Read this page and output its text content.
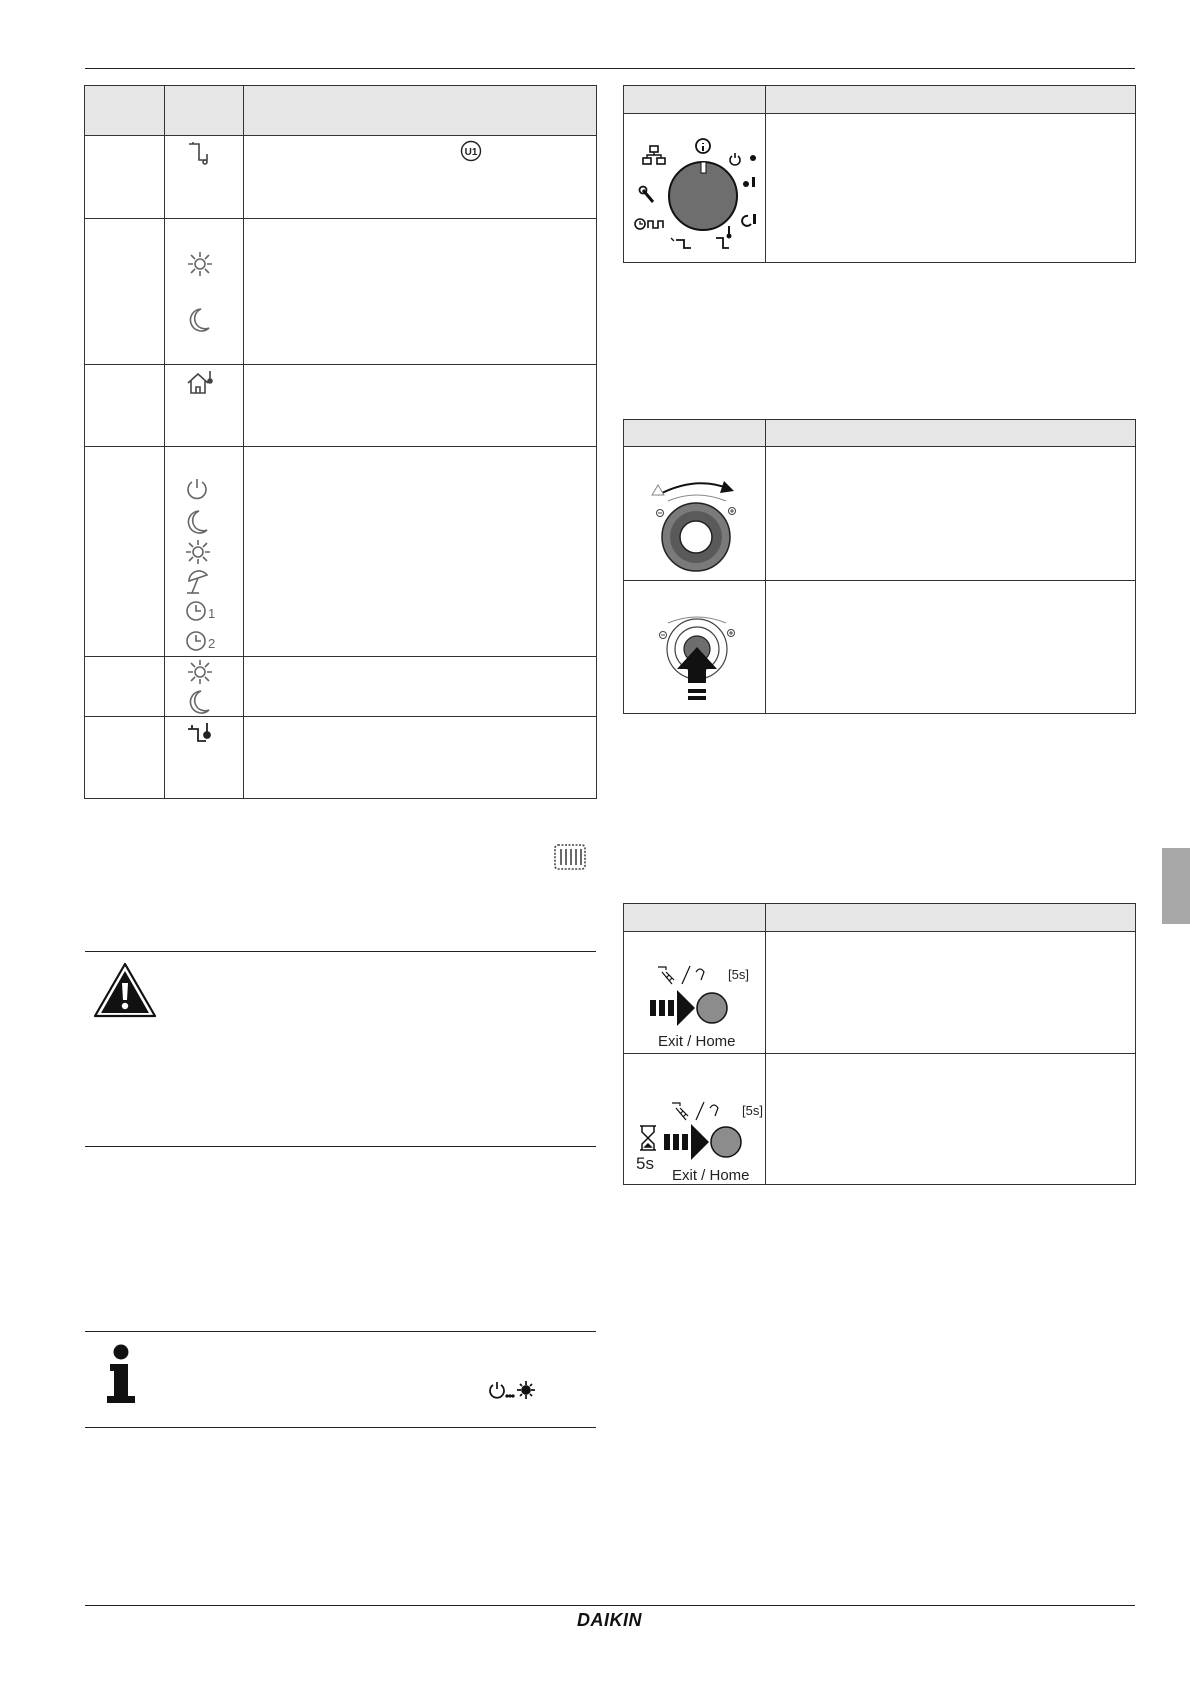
U1

1
2	

[5s]
Exit / Home	

[5s]
5s
Exit / Home	

DAIKIN
